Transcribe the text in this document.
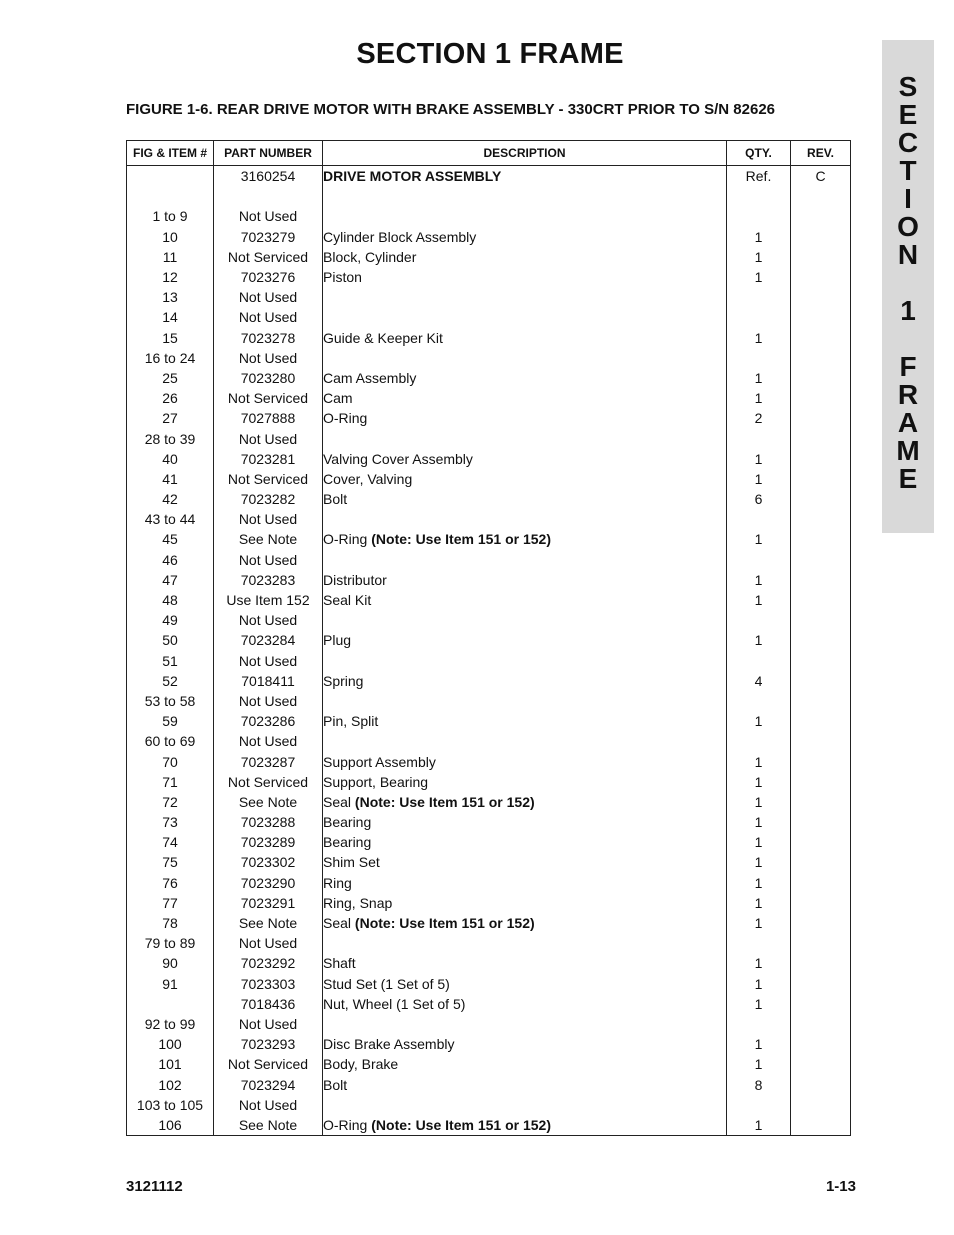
SECTION 1 FRAME
FIGURE 1-6. REAR DRIVE MOTOR WITH BRAKE ASSEMBLY - 330CRT PRIOR TO S/N 82626
S
E
C
T
I
O
N
1
F
R
A
M
E
FIG & ITEM #	PART NUMBER	DESCRIPTION	QTY.	REV.
	3160254	DRIVE MOTOR ASSEMBLY	Ref.	C

1 to 9	Not Used			
10	7023279	Cylinder Block Assembly	1	
11	Not Serviced	Block, Cylinder	1	
12	7023276	Piston	1	
13	Not Used			
14	Not Used			
15	7023278	Guide & Keeper Kit	1	
16 to 24	Not Used			
25	7023280	Cam Assembly	1	
26	Not Serviced	Cam	1	
27	7027888	O-Ring	2	
28 to 39	Not Used			
40	7023281	Valving Cover Assembly	1	
41	Not Serviced	Cover, Valving	1	
42	7023282	Bolt	6	
43 to 44	Not Used			
45	See Note	O-Ring (Note: Use Item 151 or 152)	1	
46	Not Used			
47	7023283	Distributor	1	
48	Use Item 152	Seal Kit	1	
49	Not Used			
50	7023284	Plug	1	
51	Not Used			
52	7018411	Spring	4	
53 to 58	Not Used			
59	7023286	Pin, Split	1	
60 to 69	Not Used			
70	7023287	Support Assembly	1	
71	Not Serviced	Support, Bearing	1	
72	See Note	Seal (Note: Use Item 151 or 152)	1	
73	7023288	Bearing	1	
74	7023289	Bearing	1	
75	7023302	Shim Set	1	
76	7023290	Ring	1	
77	7023291	Ring, Snap	1	
78	See Note	Seal (Note: Use Item 151 or 152)	1	
79 to 89	Not Used			
90	7023292	Shaft	1	
91	7023303	Stud Set (1 Set of 5)	1	
	7018436	Nut, Wheel (1 Set of 5)	1	
92 to 99	Not Used			
100	7023293	Disc Brake Assembly	1	
101	Not Serviced	Body, Brake	1	
102	7023294	Bolt	8	
103 to 105	Not Used			
106	See Note	O-Ring (Note: Use Item 151 or 152)	1	
3121112	1-13
